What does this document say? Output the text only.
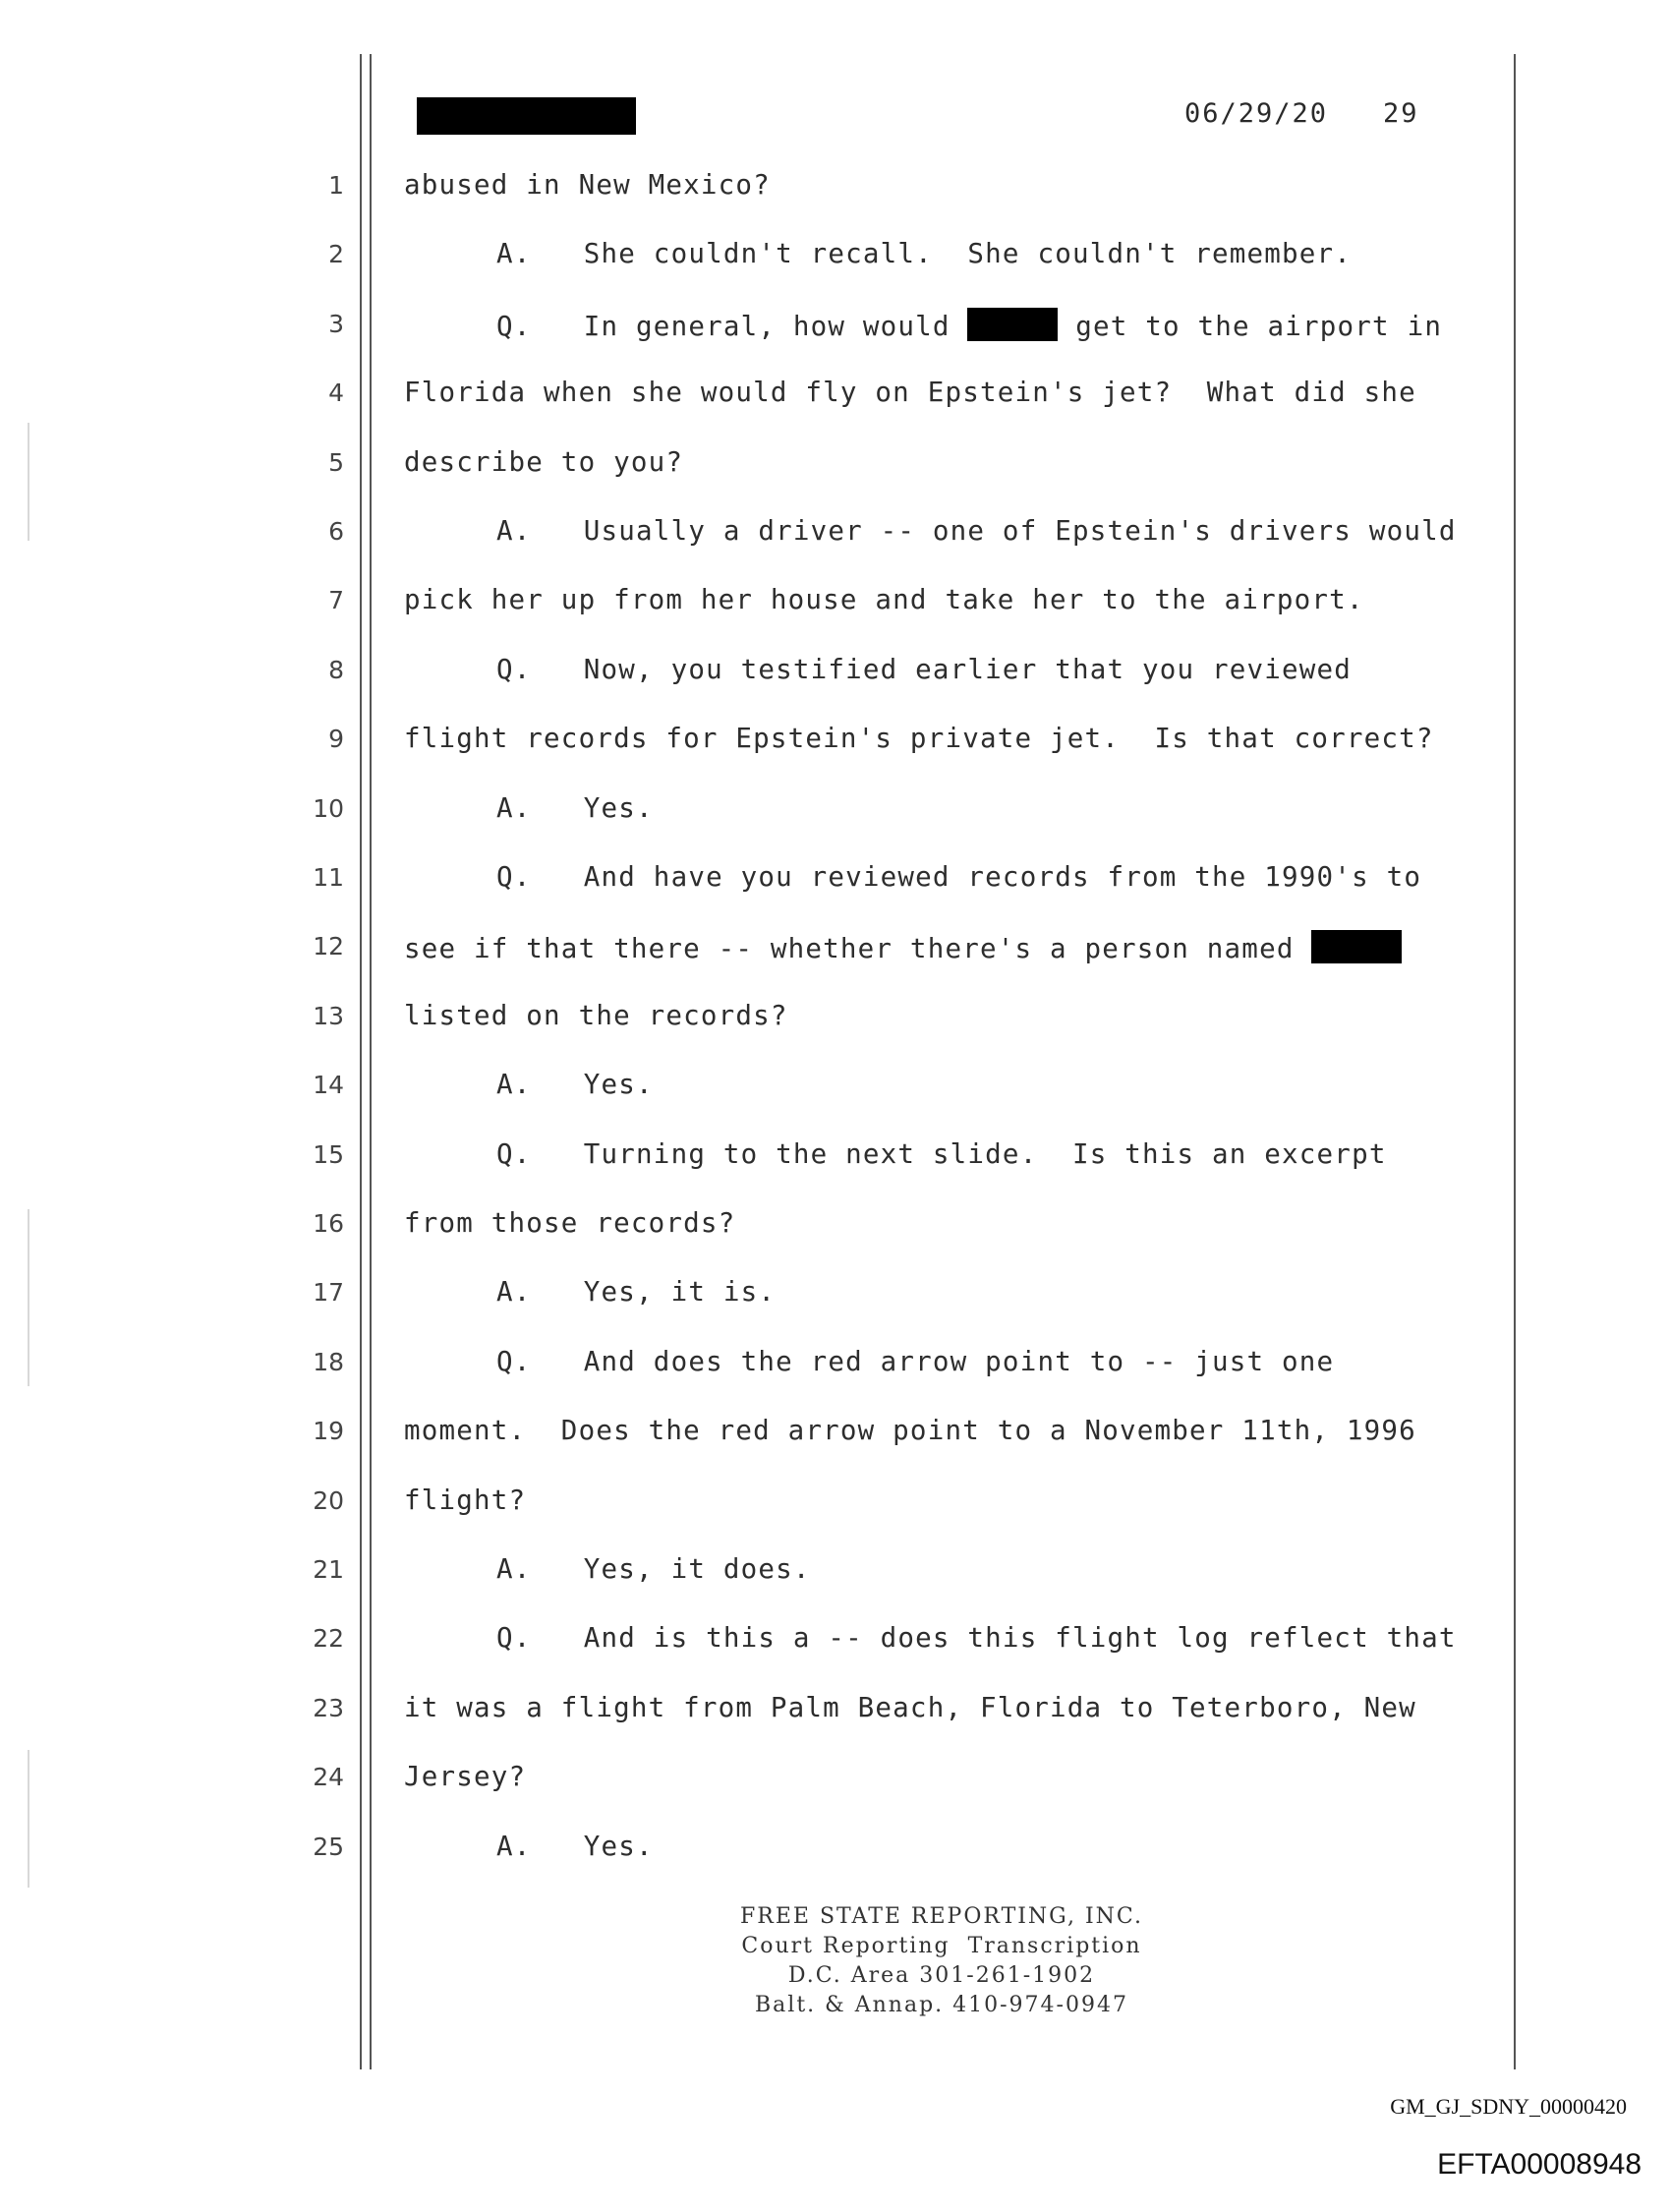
06/29/20 29
1 abused in New Mexico?
2	A.   She couldn't recall.  She couldn't remember.
3	Q.   In general, how would	get to the airport in
4 Florida when she would fly on Epstein's jet?  What did she
5 describe to you?
6	A.   Usually a driver -- one of Epstein's drivers would
7 pick her up from her house and take her to the airport.
8	Q.   Now, you testified earlier that you reviewed
9 flight records for Epstein's private jet.  Is that correct?
10	A.   Yes.
11	Q.   And have you reviewed records from the 1990's to
12 see if that there -- whether there's a person named
13 listed on the records?
14	A.   Yes.
15	Q.   Turning to the next slide.  Is this an excerpt
16 from those records?
17	A.   Yes, it is.
18	Q.   And does the red arrow point to -- just one
19 moment.  Does the red arrow point to a November 11th, 1996
20 flight?
21	A.   Yes, it does.
22	Q.   And is this a -- does this flight log reflect that
23 it was a flight from Palm Beach, Florida to Teterboro, New
24 Jersey?
25	A.   Yes.
FREE STATE REPORTING, INC.
Court Reporting  Transcription
D.C. Area 301-261-1902
Balt. & Annap. 410-974-0947
GM_GJ_SDNY_00000420
EFTA00008948
